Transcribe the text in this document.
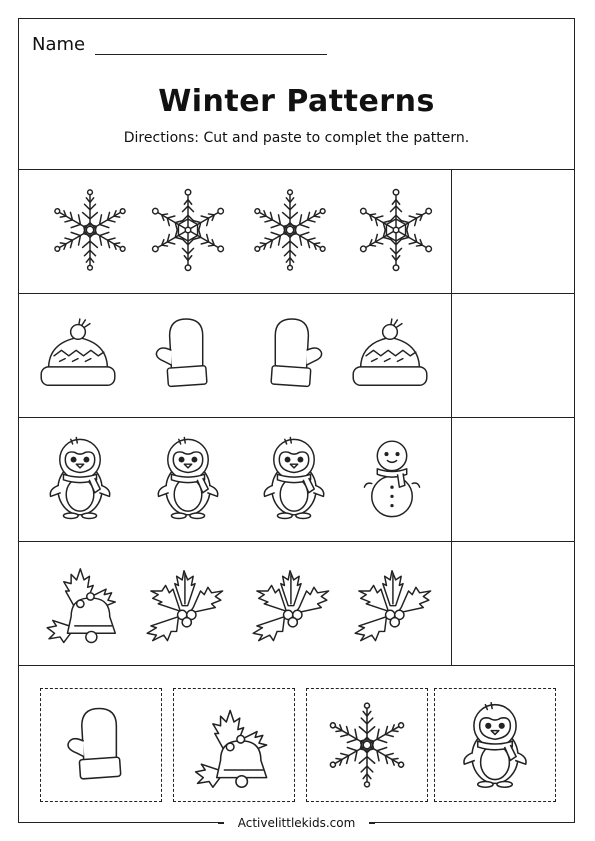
Name
Winter Patterns
Directions: Cut and paste to complet the pattern.
Activelittlekids.com
